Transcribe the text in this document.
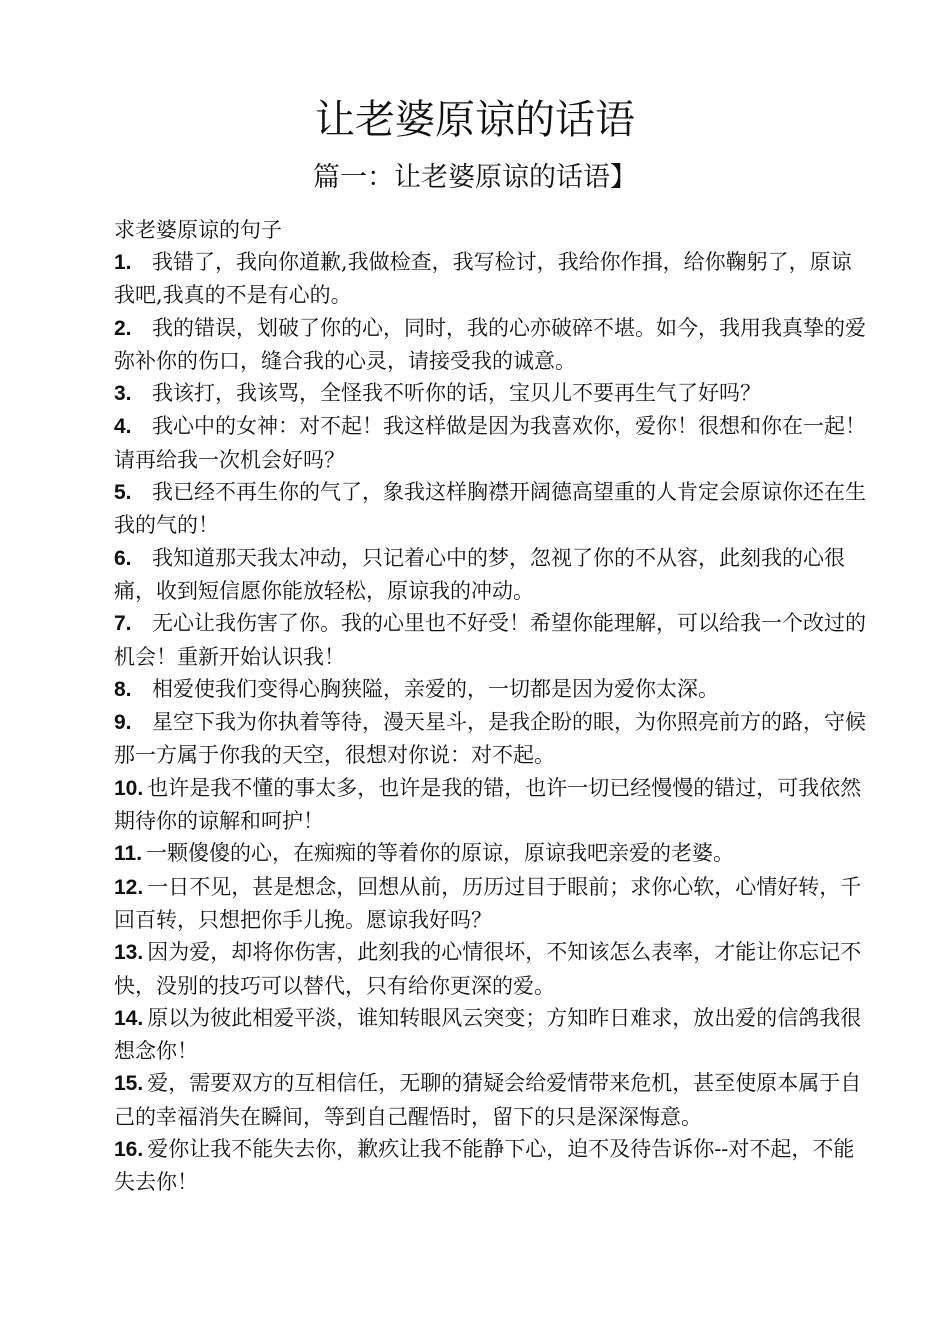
让老婆原谅的话语
篇一：让老婆原谅的话语】

求老婆原谅的句子

1. 我错了，我向你道歉,我做检查，我写检讨，我给你作揖，给你鞠躬了，原谅我吧,我真的不是有心的。
2. 我的错误，划破了你的心，同时，我的心亦破碎不堪。如今，我用我真挚的爱弥补你的伤口，缝合我的心灵，请接受我的诚意。
3. 我该打，我该骂，全怪我不听你的话，宝贝儿不要再生气了好吗？
4. 我心中的女神：对不起！我这样做是因为我喜欢你，爱你！很想和你在一起！请再给我一次机会好吗？
5. 我已经不再生你的气了，象我这样胸襟开阔德高望重的人肯定会原谅你还在生我的气的！
6. 我知道那天我太冲动，只记着心中的梦，忽视了你的不从容，此刻我的心很痛，收到短信愿你能放轻松，原谅我的冲动。
7. 无心让我伤害了你。我的心里也不好受！希望你能理解，可以给我一个改过的机会！重新开始认识我！
8. 相爱使我们变得心胸狭隘，亲爱的，一切都是因为爱你太深。
9. 星空下我为你执着等待，漫天星斗，是我企盼的眼，为你照亮前方的路，守候那一方属于你我的天空，很想对你说：对不起。
10. 也许是我不懂的事太多，也许是我的错，也许一切已经慢慢的错过，可我依然期待你的谅解和呵护！
11. 一颗傻傻的心，在痴痴的等着你的原谅，原谅我吧亲爱的老婆。
12. 一日不见，甚是想念，回想从前，历历过目于眼前；求你心软，心情好转，千回百转，只想把你手儿挽。愿谅我好吗？
13. 因为爱，却将你伤害，此刻我的心情很坏，不知该怎么表率，才能让你忘记不快，没别的技巧可以替代，只有给你更深的爱。
14. 原以为彼此相爱平淡，谁知转眼风云突变；方知昨日难求，放出爱的信鸽我很想念你！
15. 爱，需要双方的互相信任，无聊的猜疑会给爱情带来危机，甚至使原本属于自己的幸福消失在瞬间，等到自己醒悟时，留下的只是深深悔意。
16. 爱你让我不能失去你，歉疚让我不能静下心，迫不及待告诉你--对不起，不能失去你！
